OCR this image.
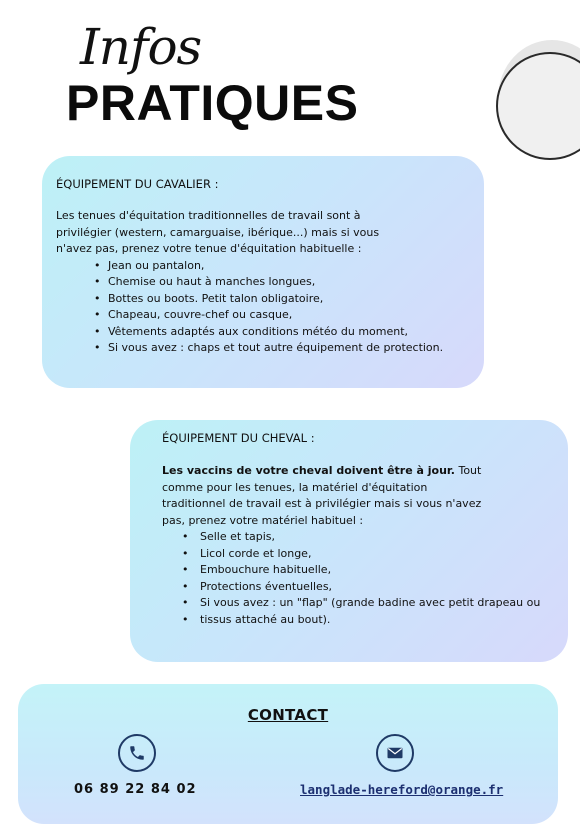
Infos
PRATIQUES

ÉQUIPEMENT DU CAVALIER :

Les tenues d'équitation traditionnelles de travail sont à

privilégier (western, camarguaise, ibérique...) mais si vous

n'avez pas, prenez votre tenue d'équitation habituelle :

• Jean ou pantalon,
• Chemise ou haut à manches longues,
• Bottes ou boots. Petit talon obligatoire,
• Chapeau, couvre-chef ou casque,
• Vêtements adaptés aux conditions météo du moment,
• Si vous avez : chaps et tout autre équipement de protection.

ÉQUIPEMENT DU CHEVAL :

Les vaccins de votre cheval doivent être à jour. Tout

comme pour les tenues, la matériel d'équitation

traditionnel de travail est à privilégier mais si vous n'avez

pas, prenez votre matériel habituel :

• Selle et tapis,
• Licol corde et longe,
• Embouchure habituelle,
• Protections éventuelles,
• Si vous avez : un "flap" (grande badine avec petit drapeau ou
• tissus attaché au bout).
CONTACT
06 89 22 84 02	langlade-hereford@orange.fr
